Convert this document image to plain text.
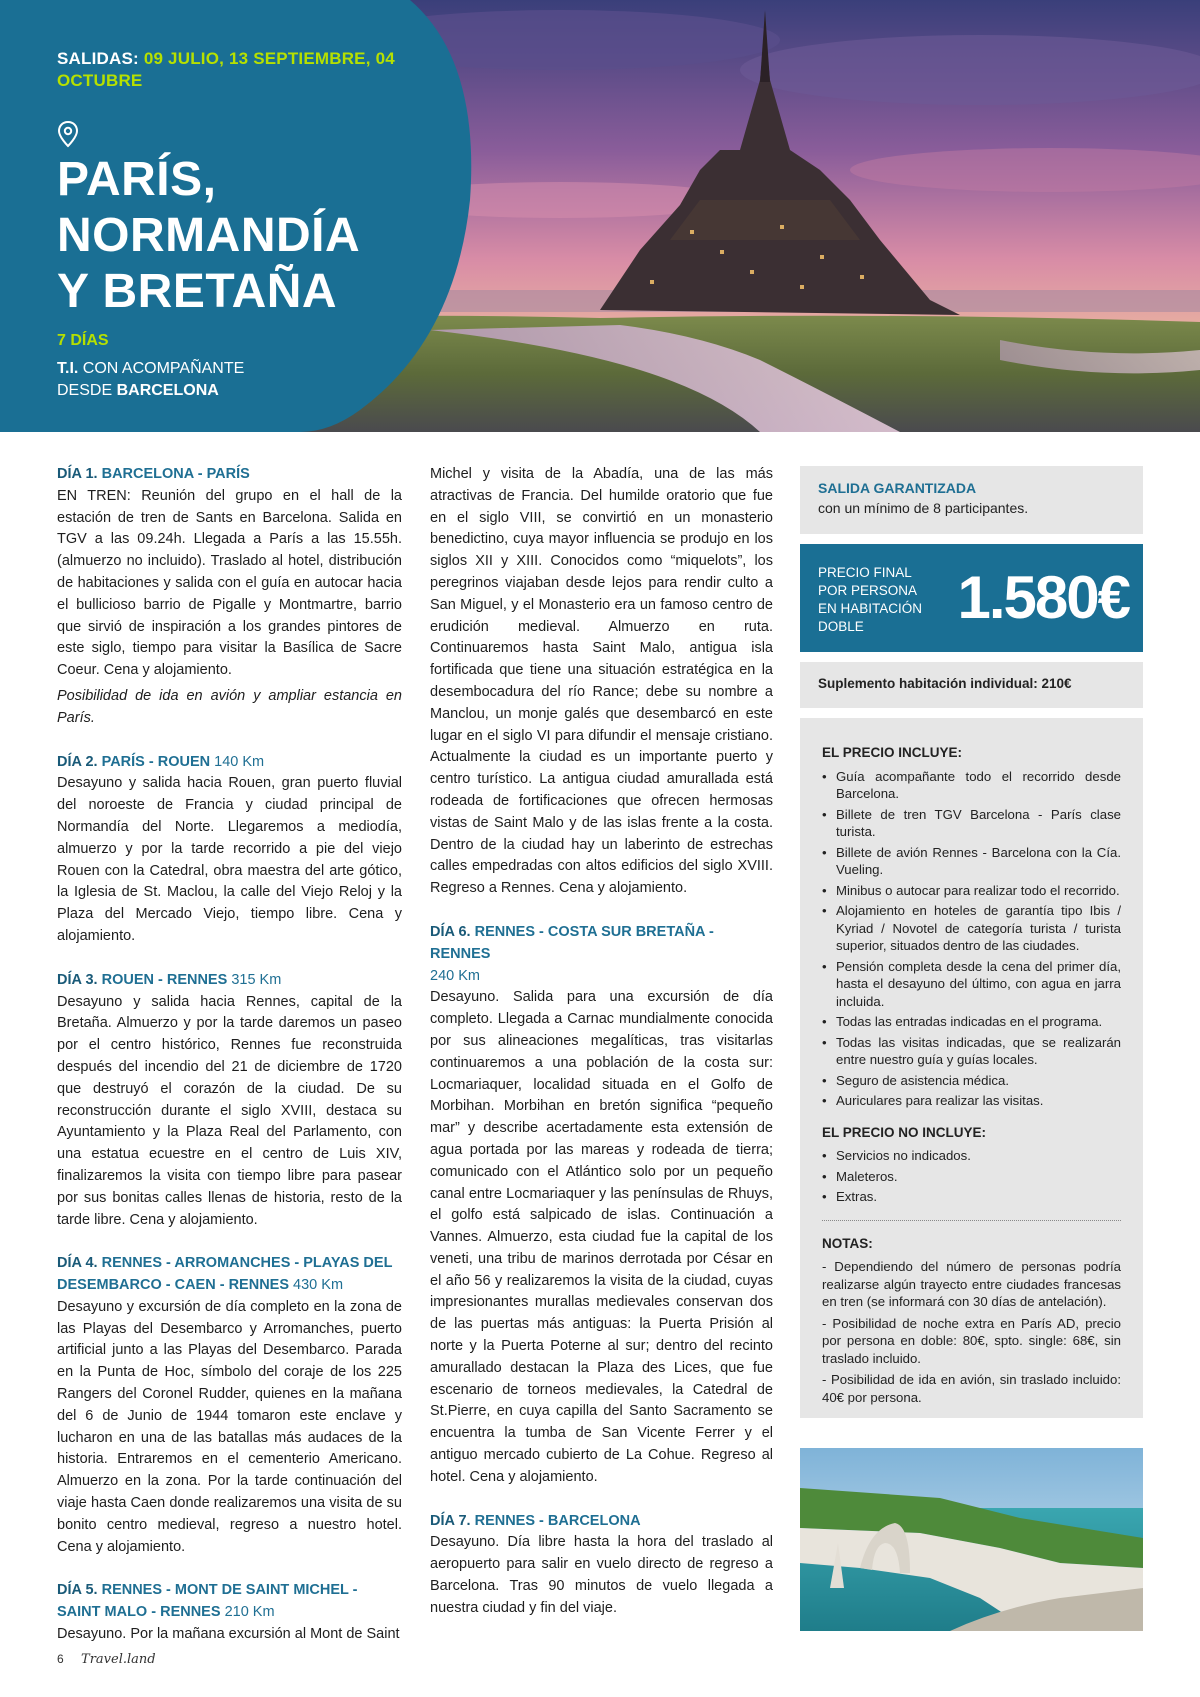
SALIDAS: 09 JULIO, 13 SEPTIEMBRE, 04 OCTUBRE
PARÍS,
NORMANDÍA
Y BRETAÑA
7 DÍAS
T.I. CON ACOMPAÑANTE
DESDE BARCELONA
DÍA 1. BARCELONA - PARÍS
EN TREN: Reunión del grupo en el hall de la estación de tren de Sants en Barcelona. Salida en TGV a las 09.24h. Llegada a París a las 15.55h. (almuerzo no incluido). Traslado al hotel, distribución de habitaciones y salida con el guía en autocar hacia el bullicioso barrio de Pigalle y Montmartre, barrio que sirvió de inspiración a los grandes pintores de este siglo, tiempo para visitar la Basílica de Sacre Coeur. Cena y alojamiento.
Posibilidad de ida en avión y ampliar estancia en París.
DÍA 2. PARÍS - ROUEN 140 Km
Desayuno y salida hacia Rouen, gran puerto fluvial del noroeste de Francia y ciudad principal de Normandía del Norte. Llegaremos a mediodía, almuerzo y por la tarde recorrido a pie del viejo Rouen con la Catedral, obra maestra del arte gótico, la Iglesia de St. Maclou, la calle del Viejo Reloj y la Plaza del Mercado Viejo, tiempo libre. Cena y alojamiento.
DÍA 3. ROUEN - RENNES 315 Km
Desayuno y salida hacia Rennes, capital de la Bretaña. Almuerzo y por la tarde daremos un paseo por el centro histórico, Rennes fue reconstruida después del incendio del 21 de diciembre de 1720 que destruyó el corazón de la ciudad. De su reconstrucción durante el siglo XVIII, destaca su Ayuntamiento y la Plaza Real del Parlamento, con una estatua ecuestre en el centro de Luis XIV, finalizaremos la visita con tiempo libre para pasear por sus bonitas calles llenas de historia, resto de la tarde libre. Cena y alojamiento.
DÍA 4. RENNES - ARROMANCHES - PLAYAS DEL DESEMBARCO - CAEN - RENNES 430 Km
Desayuno y excursión de día completo en la zona de las Playas del Desembarco y Arromanches, puerto artificial junto a las Playas del Desembarco. Parada en la Punta de Hoc, símbolo del coraje de los 225 Rangers del Coronel Rudder, quienes en la mañana del 6 de Junio de 1944 tomaron este enclave y lucharon en una de las batallas más audaces de la historia. Entraremos en el cementerio Americano. Almuerzo en la zona. Por la tarde continuación del viaje hasta Caen donde realizaremos una visita de su bonito centro medieval, regreso a nuestro hotel. Cena y alojamiento.
DÍA 5. RENNES - MONT DE SAINT MICHEL - SAINT MALO - RENNES 210 Km
Desayuno. Por la mañana excursión al Mont de Saint
Michel y visita de la Abadía, una de las más atractivas de Francia. Del humilde oratorio que fue en el siglo VIII, se convirtió en un monasterio benedictino, cuya mayor influencia se produjo en los siglos XII y XIII. Conocidos como “miquelots”, los peregrinos viajaban desde lejos para rendir culto a San Miguel, y el Monasterio era un famoso centro de erudición medieval. Almuerzo en ruta. Continuaremos hasta Saint Malo, antigua isla fortificada que tiene una situación estratégica en la desembocadura del río Rance; debe su nombre a Manclou, un monje galés que desembarcó en este lugar en el siglo VI para difundir el mensaje cristiano. Actualmente la ciudad es un importante puerto y centro turístico. La antigua ciudad amurallada está rodeada de fortificaciones que ofrecen hermosas vistas de Saint Malo y de las islas frente a la costa. Dentro de la ciudad hay un laberinto de estrechas calles empedradas con altos edificios del siglo XVIII. Regreso a Rennes. Cena y alojamiento.
DÍA 6. RENNES - COSTA SUR BRETAÑA - RENNES
240 Km
Desayuno. Salida para una excursión de día completo. Llegada a Carnac mundialmente conocida por sus alineaciones megalíticas, tras visitarlas continuaremos a una población de la costa sur: Locmariaquer, localidad situada en el Golfo de Morbihan. Morbihan en bretón significa “pequeño mar” y describe acertadamente esta extensión de agua portada por las mareas y rodeada de tierra; comunicado con el Atlántico solo por un pequeño canal entre Locmariaquer y las penínsulas de Rhuys, el golfo está salpicado de islas. Continuación a Vannes. Almuerzo, esta ciudad fue la capital de los veneti, una tribu de marinos derrotada por César en el año 56 y realizaremos la visita de la ciudad, cuyas impresionantes murallas medievales conservan dos de las puertas más antiguas: la Puerta Prisión al norte y la Puerta Poterne al sur; dentro del recinto amurallado destacan la Plaza des Lices, que fue escenario de torneos medievales, la Catedral de St.Pierre, en cuya capilla del Santo Sacramento se encuentra la tumba de San Vicente Ferrer y el antiguo mercado cubierto de La Cohue. Regreso al hotel. Cena y alojamiento.
DÍA 7. RENNES - BARCELONA
Desayuno. Día libre hasta la hora del traslado al aeropuerto para salir en vuelo directo de regreso a Barcelona. Tras 90 minutos de vuelo llegada a nuestra ciudad y fin del viaje.
SALIDA GARANTIZADA
con un mínimo de 8 participantes.
PRECIO FINAL
POR PERSONA
EN HABITACIÓN
DOBLE	1.580€
Suplemento habitación individual: 210€
EL PRECIO INCLUYE:
• Guía acompañante todo el recorrido desde Barcelona.
• Billete de tren TGV Barcelona - París clase turista.
• Billete de avión Rennes - Barcelona con la Cía. Vueling.
• Minibus o autocar para realizar todo el recorrido.
• Alojamiento en hoteles de garantía tipo Ibis / Kyriad / Novotel de categoría turista / turista superior, situados dentro de las ciudades.
• Pensión completa desde la cena del primer día, hasta el desayuno del último, con agua en jarra incluida.
• Todas las entradas indicadas en el programa.
• Todas las visitas indicadas, que se realizarán entre nuestro guía y guías locales.
• Seguro de asistencia médica.
• Auriculares para realizar las visitas.
EL PRECIO NO INCLUYE:
• Servicios no indicados.
• Maleteros.
• Extras.
NOTAS:

- Dependiendo del número de personas podría realizarse algún trayecto entre ciudades francesas en tren (se informará con 30 días de antelación).

- Posibilidad de noche extra en París AD, precio por persona en doble: 80€, spto. single: 68€, sin traslado incluido.

- Posibilidad de ida en avión, sin traslado incluido: 40€ por persona.

6 Travel.land
